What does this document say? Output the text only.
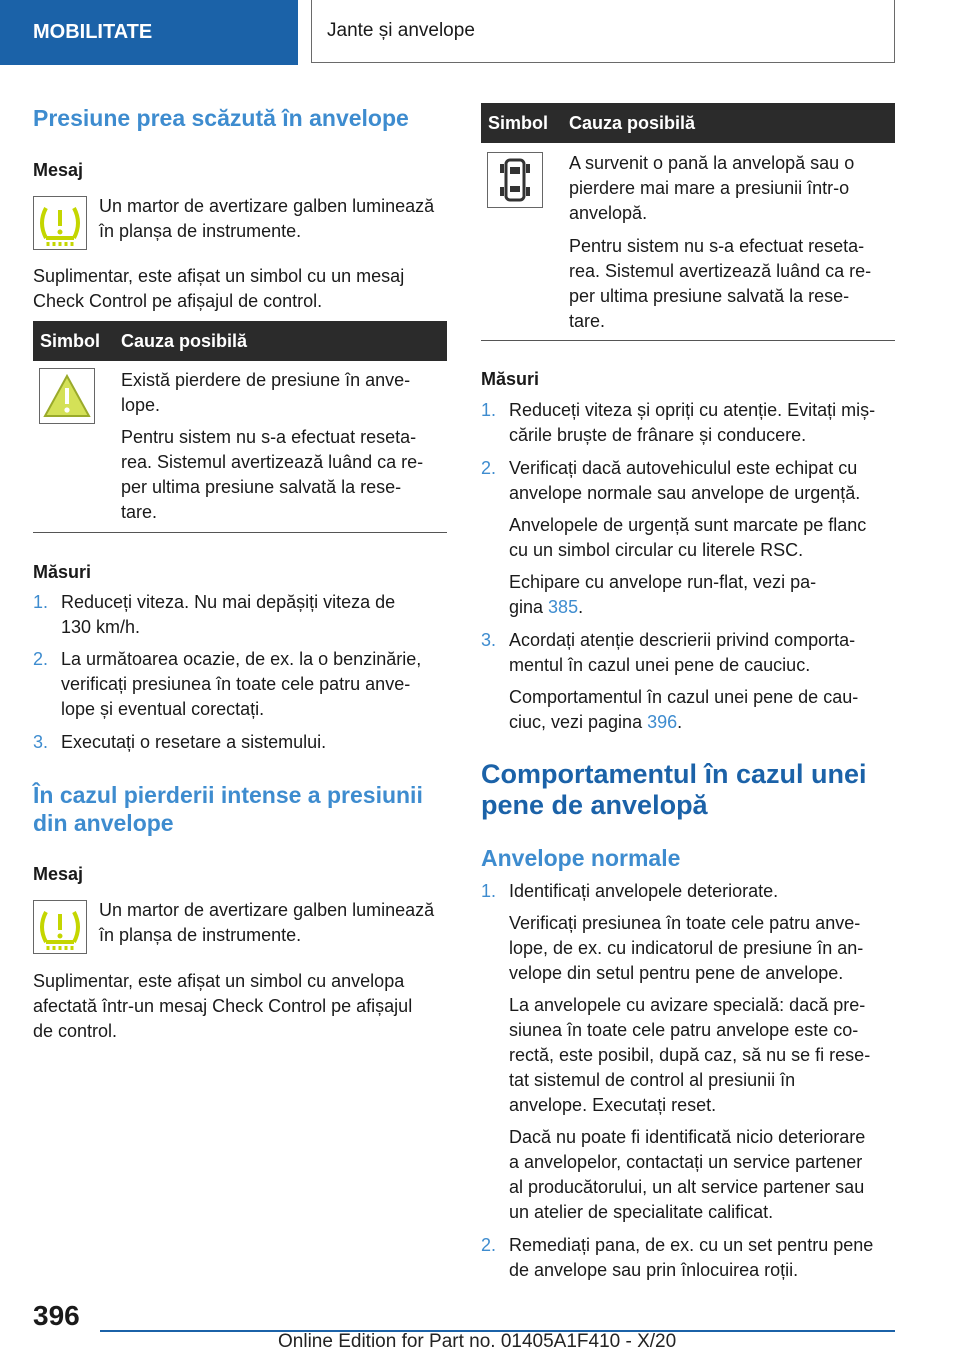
MOBILITATE	Jante și anvelope
Presiune prea scăzută în anvelope
Mesaj
Un martor de avertizare galben luminează
în planșa de instrumente.
Suplimentar, este afișat un simbol cu un mesaj
Check Control pe afișajul de control.
Simbol Cauza posibilă
Există pierdere de presiune în anve-
lope.
Pentru sistem nu s-a efectuat reseta-
rea. Sistemul avertizează luând ca re-
per ultima presiune salvată la rese-
tare.
Măsuri
1. Reduceți viteza. Nu mai depășiți viteza de
130 km/h.
2. La următoarea ocazie, de ex. la o benzinărie,
verificați presiunea în toate cele patru anve-
lope și eventual corectați.
3. Executați o resetare a sistemului.
În cazul pierderii intense a presiunii
din anvelope
Mesaj
Un martor de avertizare galben luminează
în planșa de instrumente.
Suplimentar, este afișat un simbol cu anvelopa
afectată într-un mesaj Check Control pe afișajul
de control.
Simbol Cauza posibilă
A survenit o pană la anvelopă sau o
pierdere mai mare a presiunii într-o
anvelopă.
Pentru sistem nu s-a efectuat reseta-
rea. Sistemul avertizează luând ca re-
per ultima presiune salvată la rese-
tare.
Măsuri
1. Reduceți viteza și opriți cu atenție. Evitați miș-
cările bruște de frânare și conducere.
2. Verificați dacă autovehiculul este echipat cu
anvelope normale sau anvelope de urgență.
Anvelopele de urgență sunt marcate pe flanc
cu un simbol circular cu literele RSC.
Echipare cu anvelope run-flat, vezi pa-
gina 385.
3. Acordați atenție descrierii privind comporta-
mentul în cazul unei pene de cauciuc.
Comportamentul în cazul unei pene de cau-
ciuc, vezi pagina 396.
Comportamentul în cazul unei
pene de anvelopă
Anvelope normale
1. Identificați anvelopele deteriorate.
Verificați presiunea în toate cele patru anve-
lope, de ex. cu indicatorul de presiune în an-
velope din setul pentru pene de anvelope.
La anvelopele cu avizare specială: dacă pre-
siunea în toate cele patru anvelope este co-
rectă, este posibil, după caz, să nu se fi rese-
tat sistemul de control al presiunii în
anvelope. Executați reset.
Dacă nu poate fi identificată nicio deteriorare
a anvelopelor, contactați un service partener
al producătorului, un alt service partener sau
un atelier de specialitate calificat.
2. Remediați pana, de ex. cu un set pentru pene
de anvelope sau prin înlocuirea roții.
396
Online Edition for Part no. 01405A1F410 - X/20
